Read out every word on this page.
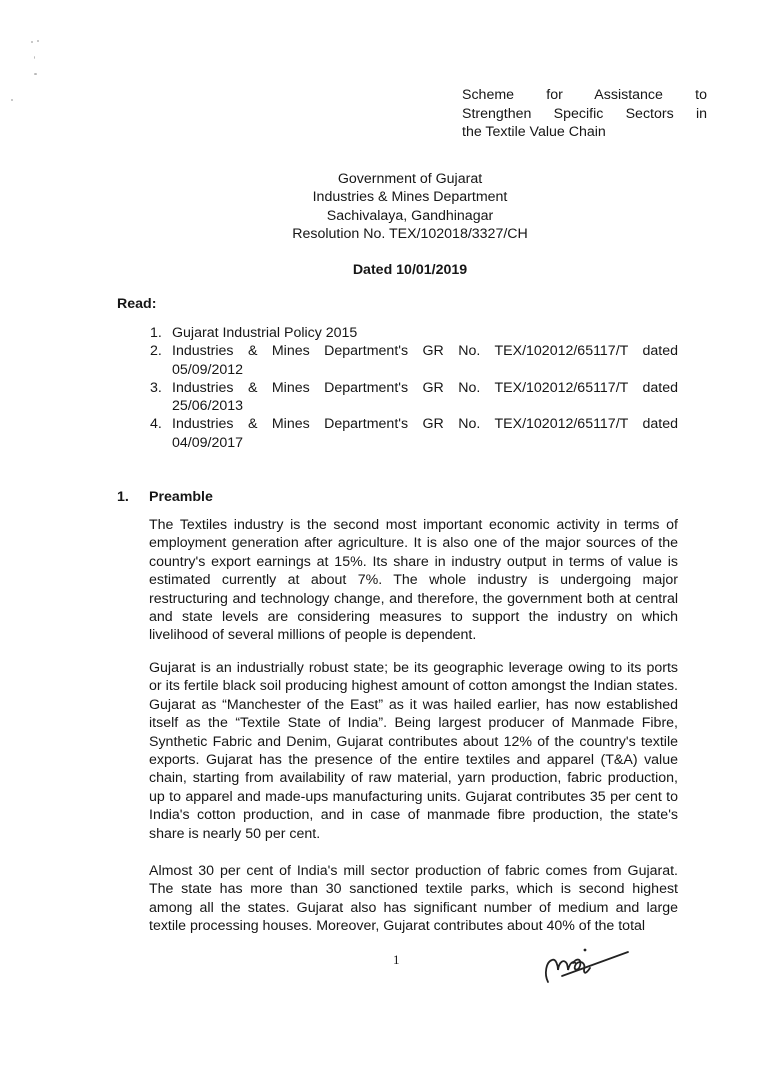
Scheme for Assistance to
Strengthen Specific Sectors in
the Textile Value Chain
Government of Gujarat
Industries & Mines Department
Sachivalaya, Gandhinagar
Resolution No. TEX/102018/3327/CH
Dated 10/01/2019
Read:
1. Gujarat Industrial Policy 2015
2. Industries & Mines Department's GR No. TEX/102012/65117/T dated
05/09/2012
3. Industries & Mines Department's GR No. TEX/102012/65117/T dated
25/06/2013
4. Industries & Mines Department's GR No. TEX/102012/65117/T dated
04/09/2017
1. Preamble

The Textiles industry is the second most important economic activity in terms of employment generation after agriculture. It is also one of the major sources of the country's export earnings at 15%. Its share in industry output in terms of value is estimated currently at about 7%. The whole industry is undergoing major restructuring and technology change, and therefore, the government both at central and state levels are considering measures to support the industry on which livelihood of several millions of people is dependent.

Gujarat is an industrially robust state; be its geographic leverage owing to its ports or its fertile black soil producing highest amount of cotton amongst the Indian states. Gujarat as “Manchester of the East” as it was hailed earlier, has now established itself as the “Textile State of India”. Being largest producer of Manmade Fibre, Synthetic Fabric and Denim, Gujarat contributes about 12% of the country's textile exports. Gujarat has the presence of the entire textiles and apparel (T&A) value chain, starting from availability of raw material, yarn production, fabric production, up to apparel and made-ups manufacturing units. Gujarat contributes 35 per cent to India's cotton production, and in case of manmade fibre production, the state's share is nearly 50 per cent.

Almost 30 per cent of India's mill sector production of fabric comes from Gujarat. The state has more than 30 sanctioned textile parks, which is second highest among all the states. Gujarat also has significant number of medium and large textile processing houses. Moreover, Gujarat contributes about 40% of the total

1
